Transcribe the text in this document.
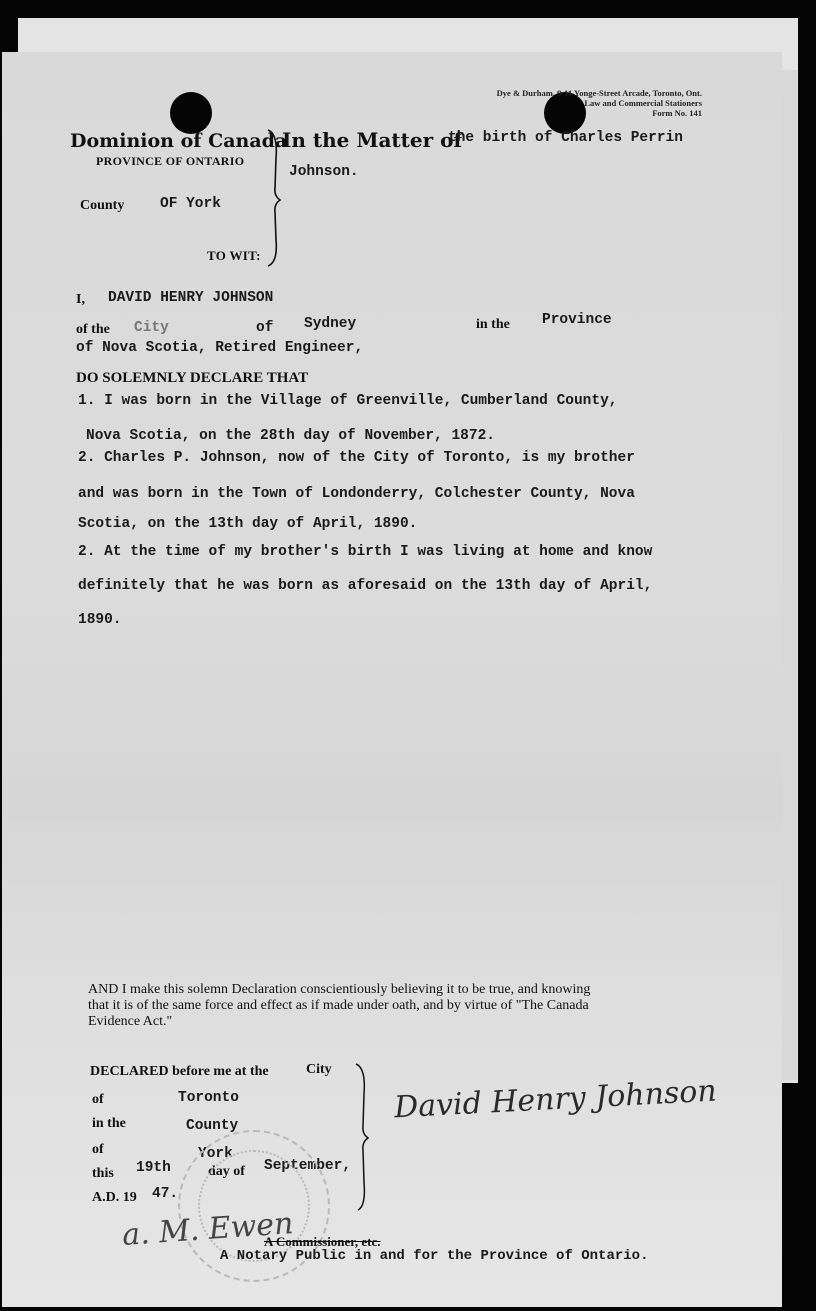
Dye & Durham, 9-11 Yonge-Street Arcade, Toronto, Ont.
Law and Commercial Stationers
Form No. 141
Dominion of Canada
PROVINCE OF ONTARIO
County OF York
TO WIT:
In the Matter of
the birth of Charles Perrin
Johnson.
I, DAVID HENRY JOHNSON
of the City	of Sydney	in the Province
of Nova Scotia, Retired Engineer,
DO SOLEMNLY DECLARE THAT
1. I was born in the Village of Greenville, Cumberland County,
Nova Scotia, on the 28th day of November, 1872.
2. Charles P. Johnson, now of the City of Toronto, is my brother
and was born in the Town of Londonderry, Colchester County, Nova
Scotia, on the 13th day of April, 1890.
2. At the time of my brother's birth I was living at home and know
definitely that he was born as aforesaid on the 13th day of April,
1890.

AND I make this solemn Declaration conscientiously believing it to be true, and knowing

that it is of the same force and effect as if made under oath, and by virtue of "The Canada

Evidence Act."

DECLARED before me at the	City
of	Toronto
in the	County
of	York
this 19th	day of September,
A.D. 19 47.
David Henry Johnson
a. M. Ewen
A Commissioner, etc.
A Notary Public in and for the Province of Ontario.
